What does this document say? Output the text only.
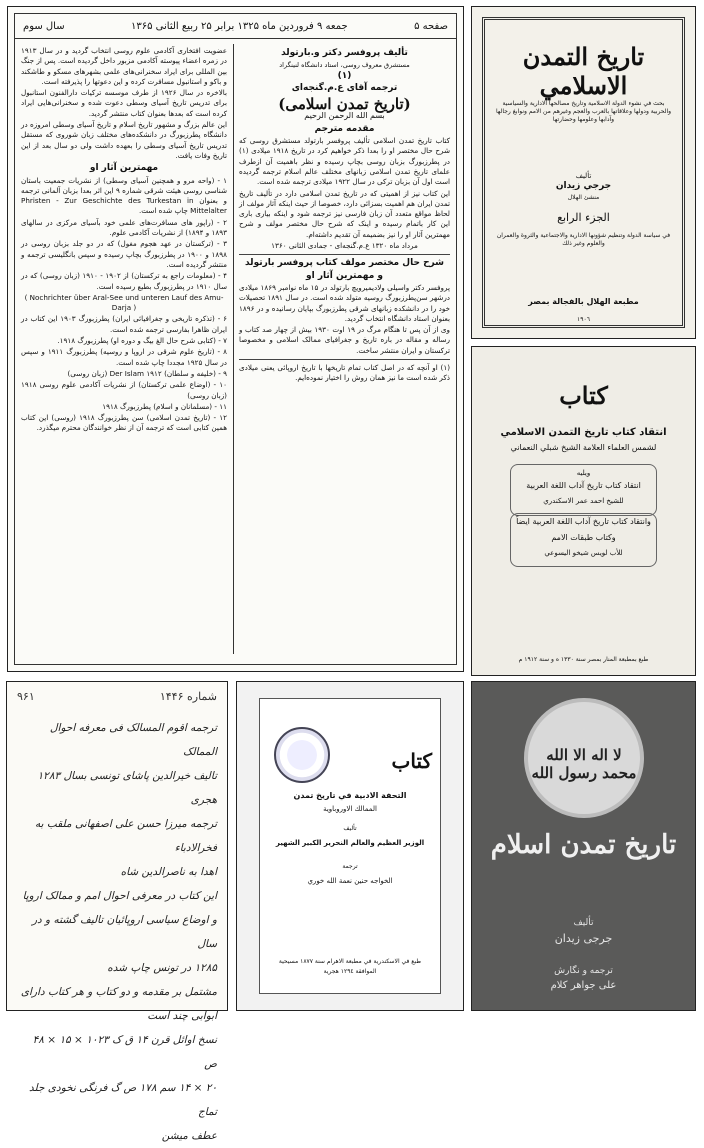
صفحه ۵
جمعه ۹ فروردین ماه ۱۳۲۵ برابر ۲۵ ربیع الثانی ۱۳۶۵
سال سوم
تألیف پروفسر دکتر و.بارتولد
مستشرق معروف روسی، استاد دانشگاه لنینگراد
(۱)
ترجمه آقای ع.م.گنجه‌ای
(تاریخ تمدن اسلامی)
بسم الله الرحمن الرحیم
مقدمه مترجم

کتاب تاریخ تمدن اسلامی تألیف پروفسر بارتولد مستشرق روسی که شرح حال مختصر او را بعدا ذکر خواهیم کرد در تاریخ ۱۹۱۸ میلادی (۱) در پطرزبورگ بزبان روسی بچاپ رسیده و نظر باهمیت آن ازطرف علمای تاریخ تمدن اسلامی زبانهای مختلف عالم اسلام ترجمه گردیده است اول آن بزبان ترکی در سال ۱۹۲۲ میلادی ترجمه شده است.

این کتاب نیز از اهمیتی که در تاریخ تمدن اسلامی دارد در تألیف تاریخ تمدن ایران هم اهمیت بسزائی دارد، خصوصا از حیث اینکه آثار مولف از لحاظ مواقع متعدد آن زبان فارسی نیز ترجمه شود و اینکه بیاری باری این کار باتمام رسیده و اینک که شرح حال مختصر مولف و شرح مهمترین آثار او را نیز بضمیمه آن تقدیم داشته‌ام.

مرداد ماه ۱۳۲۰ ع.م.گنجه‌ای - جمادی الثانی ۱۳۶۰

شرح حال مختصر مولف کتاب پروفسر بارتولد
و مهمترین آثار او

پروفسر دکتر واسیلی ولادیمیرویچ بارتولد در ۱۵ ماه نوامبر ۱۸۶۹ میلادی درشهر سن‌پطرزبورگ روسیه متولد شده است. در سال ۱۸۹۱ تحصیلات خود را در دانشکده زبانهای شرقی پطرزبورگ بپایان رسانیده و در ۱۸۹۶ بعنوان استاد دانشگاه انتخاب گردید.

وی از آن پس تا هنگام مرگ در ۱۹ اوت ۱۹۳۰ بیش از چهار صد کتاب و رساله و مقاله در باره تاریخ و جغرافیای ممالک اسلامی و مخصوصا ترکستان و ایران منتشر ساخت.

(۱) او آنچه که در اصل کتاب تمام تاریخها با تاریخ اروپائی یعنی میلادی ذکر شده است ما نیز همان روش را اختیار نموده‌ایم.

عضویت افتخاری آکادمی علوم روسی انتخاب گردید و در سال ۱۹۱۳ در زمره اعضاء پیوسته آکادمی مزبور داخل گردیده است. پس از جنگ بین المللی برای ایراد سخنرانی‌های علمی بشهرهای مسکو و طاشکند و باکو و استانبول مسافرت کرده و این دعوتها را پذیرفته است.

بالاخره در سال ۱۹۲۶ از طرف موسسه ترکیات دارالفنون استانبول برای تدریس تاریخ آسیای وسطی دعوت شده و سخنرانی‌هایی ایراد کرده است که بعدها بعنوان کتاب منتشر گردید.

این عالم بزرگ و مشهور تاریخ اسلام و تاریخ آسیای وسطی امروزه در دانشگاه پطرزبورگ در دانشکده‌های مختلف زبان شوروی که مستقل تدریس تاریخ آسیای وسطی را بعهده داشت ولی دو سال بعد از این تاریخ وفات یافت.

مهمترین آثار او

۱ - (واحه مرو و همچنین آسیای وسطی) از نشریات جمعیت باستان شناسی روسی هیئت شرقی شماره ۹ این اثر بعدا بزبان آلمانی ترجمه و بعنوان Phristen - Zur Geschichte des Turkestan in Mittelalter چاپ شده است.

۲ - (راپور های مسافرت‌های علمی خود بآسیای مرکزی در سالهای ۱۸۹۳ و ۱۸۹۴) از نشریات آکادمی علوم.

۳ - (ترکستان در عهد هجوم مغول) که در دو جلد بزبان روسی در ۱۸۹۸ و ۱۹۰۰ در پطرزبورگ بچاپ رسیده و سپس بانگلیسی ترجمه و منتشر گردیده است.

۴ - (معلومات راجع به ترکستان) از ۱۹۰۲ - ۱۹۱۰ (زبان روسی) که در سال ۱۹۱۰ در پطرزبورگ بطبع رسیده است.

( Nochrichter über Aral-See und unteren Lauf des Amu-Darja )

۶ - (تذکره تاریخی و جغرافیائی ایران) پطرزبورگ ۱۹۰۳ این کتاب در ایران ظاهرا بفارسی ترجمه شده است.

۷ - (کتابی شرح حال الغ بیگ و دوره او) پطرزبورگ ۱۹۱۸.

۸ - (تاریخ علوم شرقی در اروپا و روسیه) پطرزبورگ ۱۹۱۱ و سپس در سال ۱۹۲۵ مجددا چاپ شده است.

۹ - (خلیفه و سلطان) Der Islam ۱۹۱۲ (زبان روسی)

۱۰ - (اوضاع علمی ترکستان) از نشریات آکادمی علوم روسی ۱۹۱۸ (زبان روسی)

۱۱ - (مسلمانان و اسلام) پطرزبورگ ۱۹۱۸

۱۲ - (تاریخ تمدن اسلامی) سن پطرزبورگ ۱۹۱۸ (روسی) این کتاب همین کتابی است که ترجمه آن از نظر خوانندگان محترم میگذرد.

تاريخ التمدن الاسلامي
بحث في نشوء الدولة الاسلامية وتاريخ مصالحها الادارية والسياسية والحربية ودولها وعلاقاتها بالعرب والعجم وغيرهم من الامم ونوابغ رجالها وآدابها وعلومها وحضارتها
تأليف
جرجي زيدان
منشئ الهلال
الجزء الرابع
في سياسة الدولة وتنظيم شؤونها الادارية والاجتماعية والثروة والعمران والعلوم وغير ذلك
مطبعة الهلال بالفجالة بمصر
١٩٠٦
كتاب
انتقاد كتاب تاريخ التمدن الاسلامي
لشمس العلماء العلامة الشيخ شبلي النعماني
ويليه
انتقاد كتاب تاريخ آداب اللغة العربية
للشيخ احمد عمر الاسكندري
وانتقاد كتاب تاريخ آداب اللغة العربية ايضاً
وكتاب طبقات الامم
للأب لويس شيخو اليسوعي
طبع بمطبعة المنار بمصر سنة ١٣٣٠ ه و سنة ١٩١٢ م
شماره ۱۴۴۶
۹۶۱
ترجمه اقوم المسالک فی معرفه احوال الممالک
تالیف خیرالدین پاشای تونسی بسال ۱۲۸۳ هجری
ترجمه میرزا حسن علی اصفهانی ملقب به فخرالادباء
اهدا به ناصرالدین شاه
این کتاب در معرفی احوال امم و ممالک اروپا
و اوضاع سیاسی اروپائیان تالیف گشته و در سال
۱۲۸۵ در تونس چاپ شده
مشتمل بر مقدمه و دو کتاب و هر کتاب دارای
ابوابی چند است
نسخ اوائل قرن ۱۴ ق ک ۱۰۲۳ × ۱۵ × ۴۸ ص
۲۰ × ۱۴ سم ۱۷۸ ص گ فرنگی نخودی جلد تماج
عطف میشن
كتاب
التحفة الادبية في تاريخ تمدن
الممالك الاوروباوية
تأليف
الوزير العظيم والعالم النحرير الكبير الشهير
ترجمة
الخواجه حنين نعمة الله خوري
طبع في الاسكندرية في مطبعة الاهرام سنة ١٨٧٧ مسيحية
الموافقة ١٢٩٤ هجرية
لا اله الا الله محمد رسول الله
تاريخ تمدن اسلام
تأليف
جرجی زیدان
ترجمه و نگارش
علی جواهر کلام
